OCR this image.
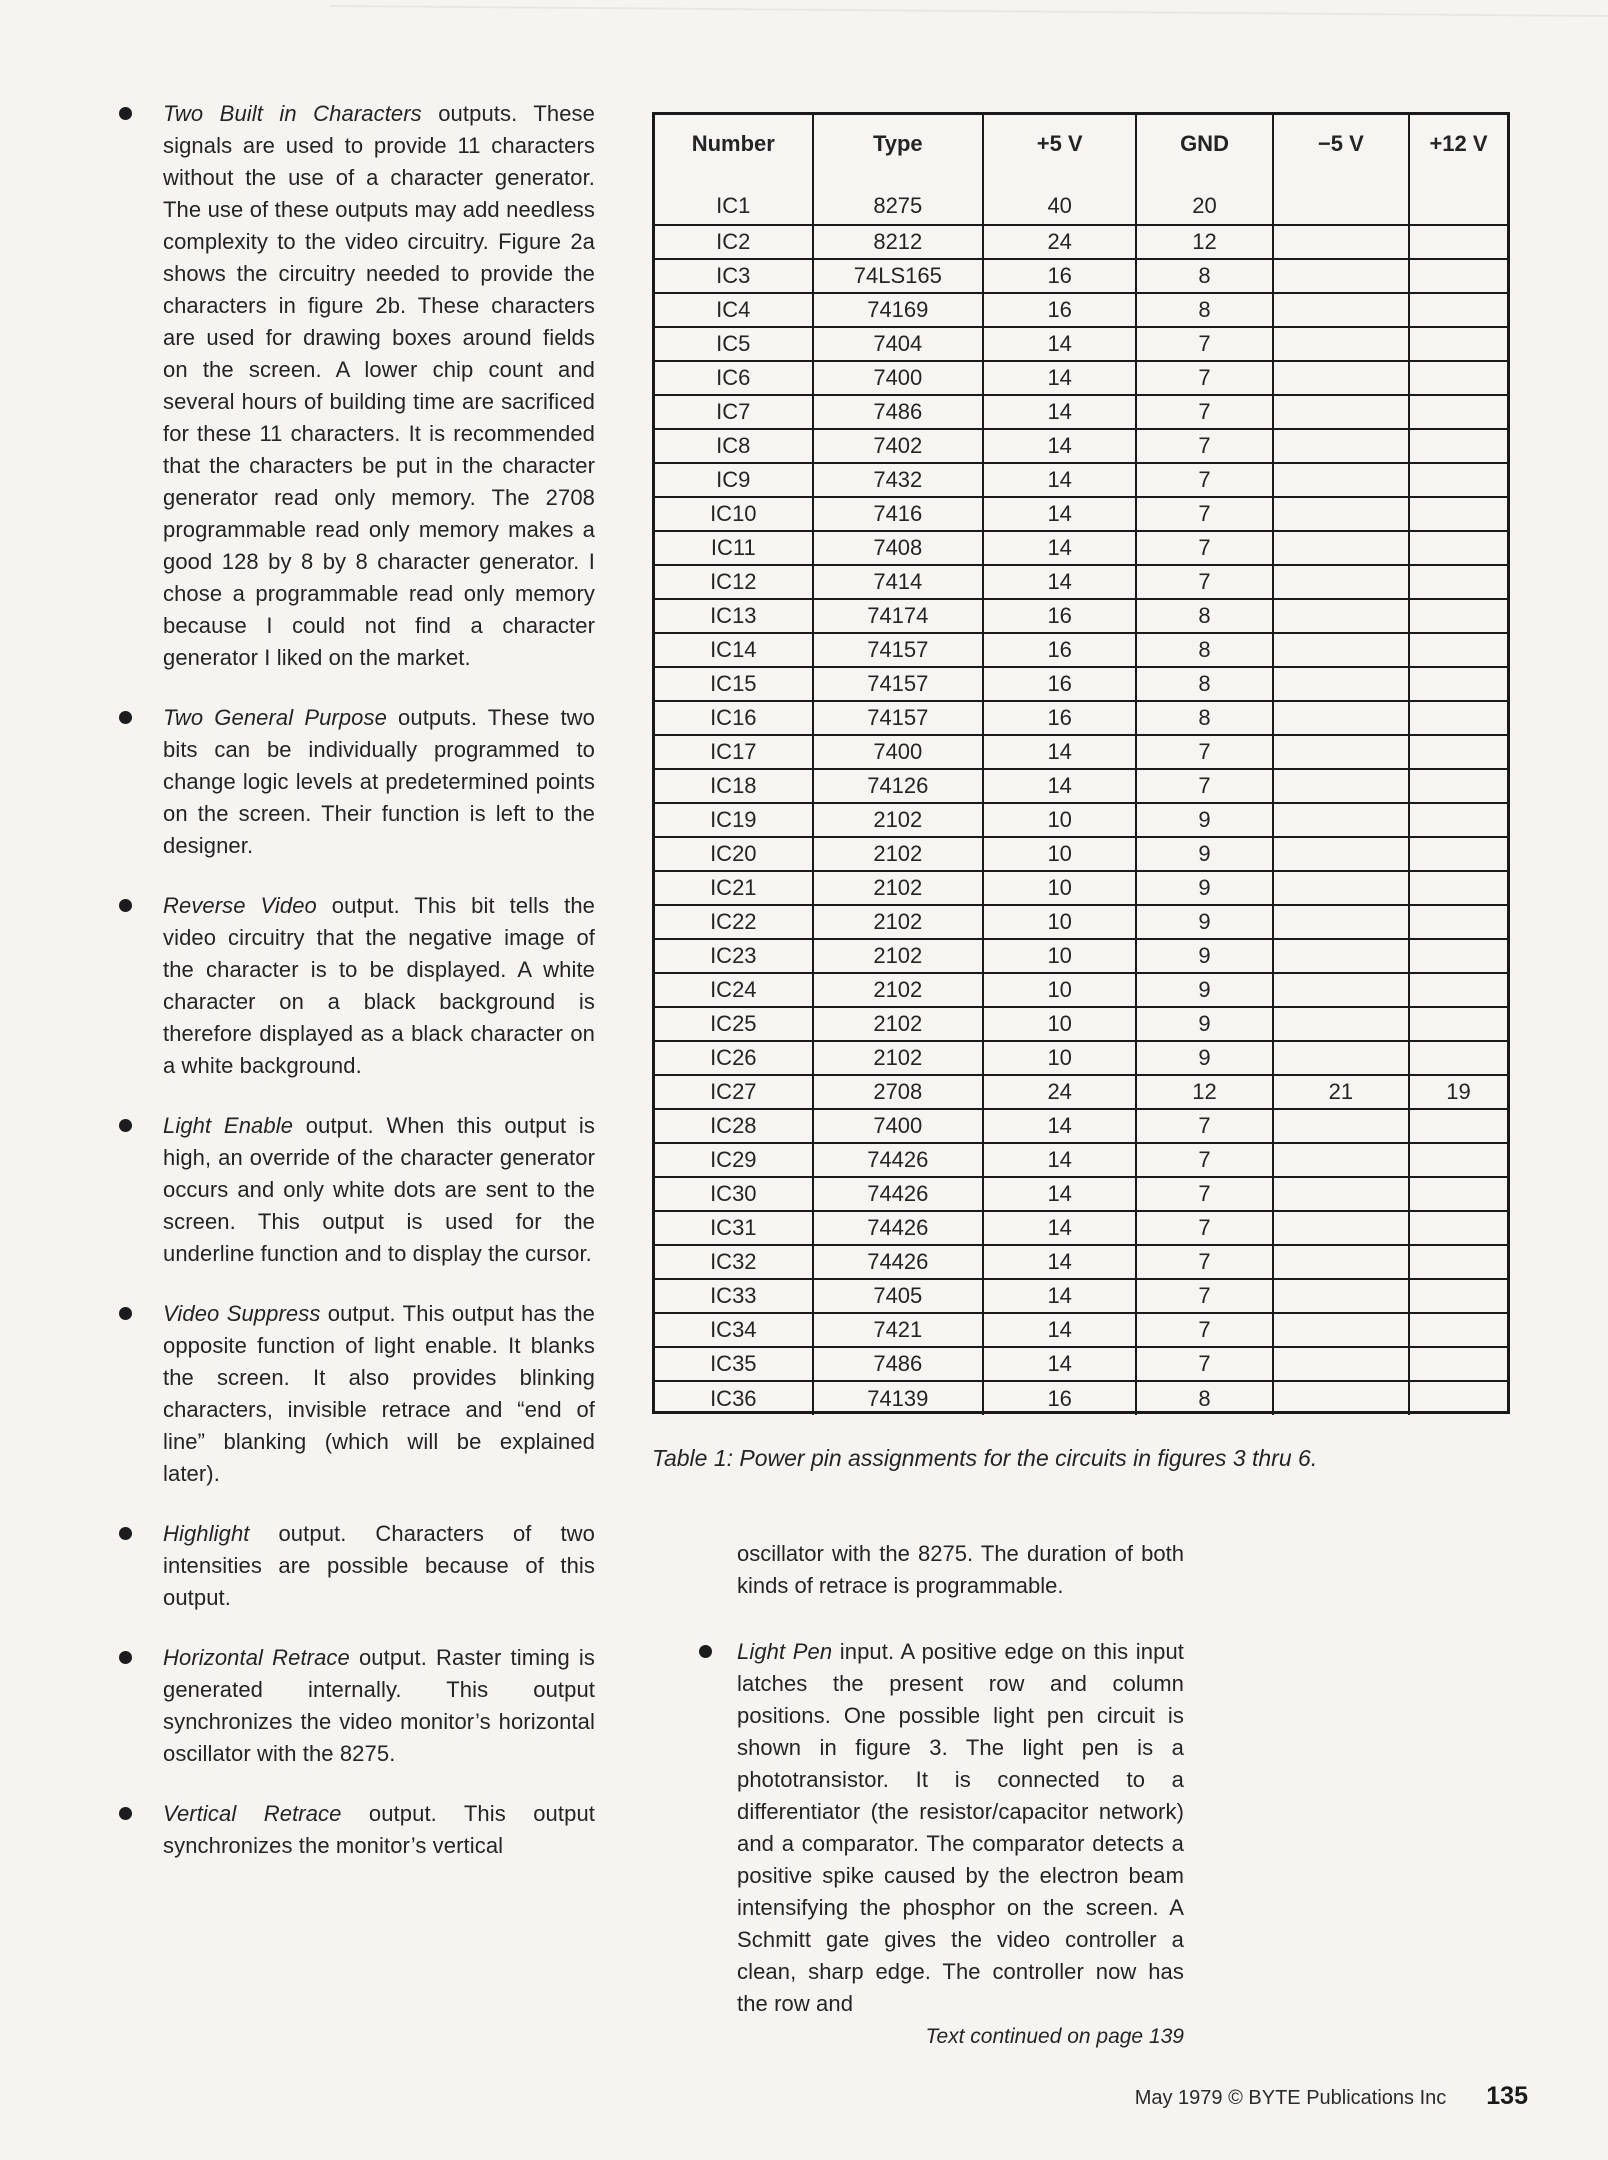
Two Built in Characters outputs. These signals are used to provide 11 characters without the use of a character generator. The use of these outputs may add needless complexity to the video circuitry. Figure 2a shows the circuitry needed to provide the characters in figure 2b. These characters are used for drawing boxes around fields on the screen. A lower chip count and several hours of building time are sacrificed for these 11 characters. It is recommended that the characters be put in the character generator read only memory. The 2708 programmable read only memory makes a good 128 by 8 by 8 character generator. I chose a programmable read only memory because I could not find a character generator I liked on the market.

Two General Purpose outputs. These two bits can be individually programmed to change logic levels at predetermined points on the screen. Their function is left to the designer.

Reverse Video output. This bit tells the video circuitry that the negative image of the character is to be displayed. A white character on a black background is therefore displayed as a black character on a white background.

Light Enable output. When this output is high, an override of the character generator occurs and only white dots are sent to the screen. This output is used for the underline function and to display the cursor.

Video Suppress output. This output has the opposite function of light enable. It blanks the screen. It also provides blinking characters, invisible retrace and “end of line” blanking (which will be explained later).

Highlight output. Characters of two intensities are possible because of this output.

Horizontal Retrace output. Raster timing is generated internally. This output synchronizes the video monitor’s horizontal oscillator with the 8275.

Vertical Retrace output. This output synchronizes the monitor’s vertical

Number	Type	+5 V	GND	−5 V	+12 V
IC1	8275	40	20		
IC2	8212	24	12		
IC3	74LS165	16	8		
IC4	74169	16	8		
IC5	7404	14	7		
IC6	7400	14	7		
IC7	7486	14	7		
IC8	7402	14	7		
IC9	7432	14	7		
IC10	7416	14	7		
IC11	7408	14	7		
IC12	7414	14	7		
IC13	74174	16	8		
IC14	74157	16	8		
IC15	74157	16	8		
IC16	74157	16	8		
IC17	7400	14	7		
IC18	74126	14	7		
IC19	2102	10	9		
IC20	2102	10	9		
IC21	2102	10	9		
IC22	2102	10	9		
IC23	2102	10	9		
IC24	2102	10	9		
IC25	2102	10	9		
IC26	2102	10	9		
IC27	2708	24	12	21	19
IC28	7400	14	7		
IC29	74426	14	7		
IC30	74426	14	7		
IC31	74426	14	7		
IC32	74426	14	7		
IC33	7405	14	7		
IC34	7421	14	7		
IC35	7486	14	7		
IC36	74139	16	8		

Table 1: Power pin assignments for the circuits in figures 3 thru 6.

oscillator with the 8275. The duration of both kinds of retrace is programmable.

Light Pen input. A positive edge on this input latches the present row and column positions. One possible light pen circuit is shown in figure 3. The light pen is a phototransistor. It is connected to a differentiator (the resistor/capacitor network) and a comparator. The comparator detects a positive spike caused by the electron beam intensifying the phosphor on the screen. A Schmitt gate gives the video controller a clean, sharp edge. The controller now has the row and

Text continued on page 139

May 1979 © BYTE Publications Inc 135
